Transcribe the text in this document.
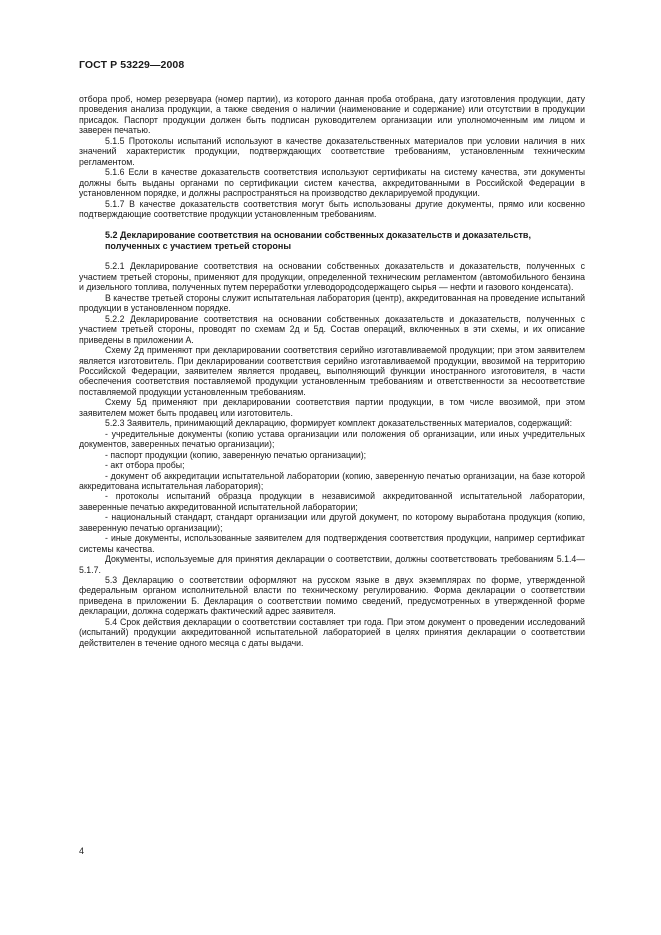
ГОСТ Р 53229—2008

отбора проб, номер резервуара (номер партии), из которого данная проба отобрана, дату изготовления продукции, дату проведения анализа продукции, а также сведения о наличии (наименование и содержание) или отсутствии в продукции присадок. Паспорт продукции должен быть подписан руководителем организации или уполномоченным им лицом и заверен печатью.

5.1.5 Протоколы испытаний используют в качестве доказательственных материалов при условии наличия в них значений характеристик продукции, подтверждающих соответствие требованиям, установленным техническим регламентом.

5.1.6 Если в качестве доказательств соответствия используют сертификаты на систему качества, эти документы должны быть выданы органами по сертификации систем качества, аккредитованными в Российской Федерации в установленном порядке, и должны распространяться на производство декларируемой продукции.

5.1.7 В качестве доказательств соответствия могут быть использованы другие документы, прямо или косвенно подтверждающие соответствие продукции установленным требованиям.

5.2 Декларирование соответствия на основании собственных доказательств и доказательств, полученных с участием третьей стороны

5.2.1 Декларирование соответствия на основании собственных доказательств и доказательств, полученных с участием третьей стороны, применяют для продукции, определенной техническим регламентом (автомобильного бензина и дизельного топлива, полученных путем переработки углеводородсодержащего сырья — нефти и газового конденсата).

В качестве третьей стороны служит испытательная лаборатория (центр), аккредитованная на проведение испытаний продукции в установленном порядке.

5.2.2 Декларирование соответствия на основании собственных доказательств и доказательств, полученных с участием третьей стороны, проводят по схемам 2д и 5д. Состав операций, включенных в эти схемы, и их описание приведены в приложении А.

Схему 2д применяют при декларировании соответствия серийно изготавливаемой продукции; при этом заявителем является изготовитель. При декларировании соответствия серийно изготавливаемой продукции, ввозимой на территорию Российской Федерации, заявителем является продавец, выполняющий функции иностранного изготовителя, в части обеспечения соответствия поставляемой продукции установленным требованиям и ответственности за несоответствие поставляемой продукции установленным требованиям.

Схему 5д применяют при декларировании соответствия партии продукции, в том числе ввозимой, при этом заявителем может быть продавец или изготовитель.

5.2.3 Заявитель, принимающий декларацию, формирует комплект доказательственных материалов, содержащий:

- учредительные документы (копию устава организации или положения об организации, или иных учредительных документов, заверенных печатью организации);

- паспорт продукции (копию, заверенную печатью организации);

- акт отбора пробы;

- документ об аккредитации испытательной лаборатории (копию, заверенную печатью организации, на базе которой аккредитована испытательная лаборатория);

- протоколы испытаний образца продукции в независимой аккредитованной испытательной лаборатории, заверенные печатью аккредитованной испытательной лаборатории;

- национальный стандарт, стандарт организации или другой документ, по которому выработана продукция (копию, заверенную печатью организации);

- иные документы, использованные заявителем для подтверждения соответствия продукции, например сертификат системы качества.

Документы, используемые для принятия декларации о соответствии, должны соответствовать требованиям 5.1.4—5.1.7.

5.3 Декларацию о соответствии оформляют на русском языке в двух экземплярах по форме, утвержденной федеральным органом исполнительной власти по техническому регулированию. Форма декларации о соответствии приведена в приложении Б. Декларация о соответствии помимо сведений, предусмотренных в утвержденной форме декларации, должна содержать фактический адрес заявителя.

5.4 Срок действия декларации о соответствии составляет три года. При этом документ о проведении исследований (испытаний) продукции аккредитованной испытательной лабораторией в целях принятия декларации о соответствии действителен в течение одного месяца с даты выдачи.

4
